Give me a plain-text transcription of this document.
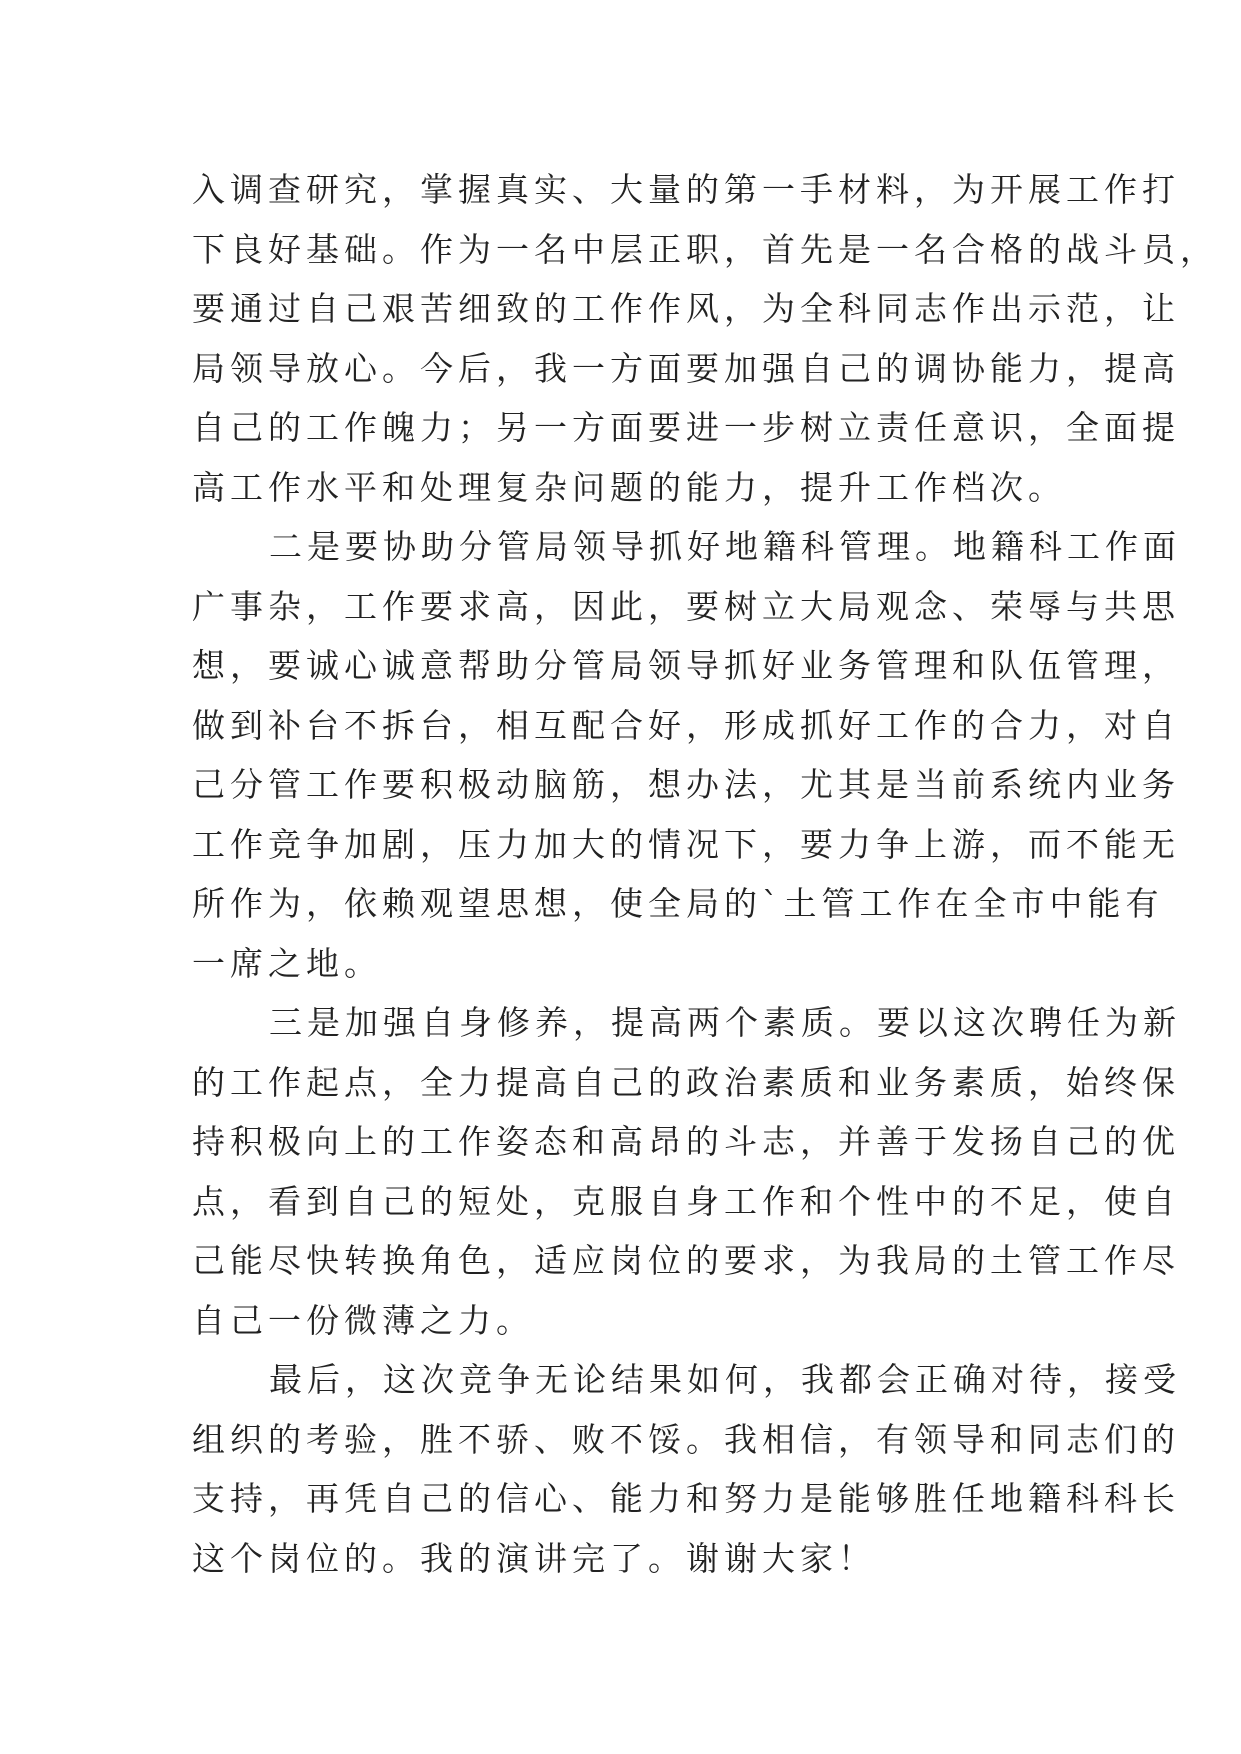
入调查研究，掌握真实、大量的第一手材料，为开展工作打
下良好基础。作为一名中层正职，首先是一名合格的战斗员，
要通过自己艰苦细致的工作作风，为全科同志作出示范，让
局领导放心。今后，我一方面要加强自己的调协能力，提高
自己的工作魄力；另一方面要进一步树立责任意识，全面提
高工作水平和处理复杂问题的能力，提升工作档次。
二是要协助分管局领导抓好地籍科管理。地籍科工作面
广事杂，工作要求高，因此，要树立大局观念、荣辱与共思
想，要诚心诚意帮助分管局领导抓好业务管理和队伍管理，
做到补台不拆台，相互配合好，形成抓好工作的合力，对自
己分管工作要积极动脑筋，想办法，尤其是当前系统内业务
工作竞争加剧，压力加大的情况下，要力争上游，而不能无
所作为，依赖观望思想，使全局的`土管工作在全市中能有
一席之地。
三是加强自身修养，提高两个素质。要以这次聘任为新
的工作起点，全力提高自己的政治素质和业务素质，始终保
持积极向上的工作姿态和高昂的斗志，并善于发扬自己的优
点，看到自己的短处，克服自身工作和个性中的不足，使自
己能尽快转换角色，适应岗位的要求，为我局的土管工作尽
自己一份微薄之力。
最后，这次竞争无论结果如何，我都会正确对待，接受
组织的考验，胜不骄、败不馁。我相信，有领导和同志们的
支持，再凭自己的信心、能力和努力是能够胜任地籍科科长
这个岗位的。我的演讲完了。谢谢大家！
